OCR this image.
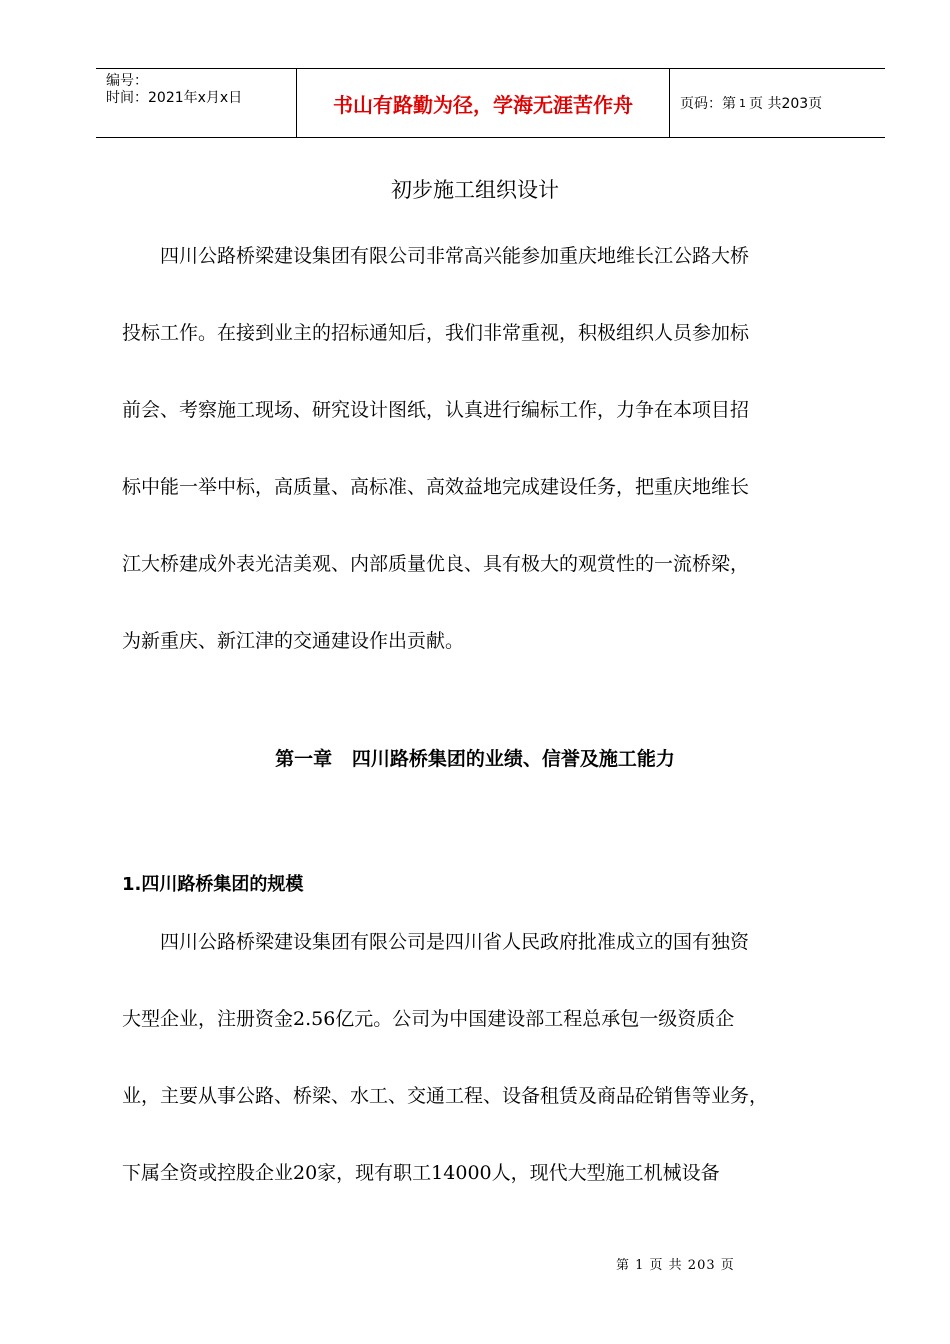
编号：
时间：2021年x月x日	书山有路勤为径，学海无涯苦作舟	页码：第 1 页 共203页
初步施工组织设计
四川公路桥梁建设集团有限公司非常高兴能参加重庆地维长江公路大桥
投标工作。在接到业主的招标通知后，我们非常重视，积极组织人员参加标
前会、考察施工现场、研究设计图纸，认真进行编标工作，力争在本项目招
标中能一举中标，高质量、高标准、高效益地完成建设任务，把重庆地维长
江大桥建成外表光洁美观、内部质量优良、具有极大的观赏性的一流桥梁，
为新重庆、新江津的交通建设作出贡献。
第一章   四川路桥集团的业绩、信誉及施工能力
1.四川路桥集团的规模
四川公路桥梁建设集团有限公司是四川省人民政府批准成立的国有独资
大型企业，注册资金2.56亿元。公司为中国建设部工程总承包一级资质企
业，主要从事公路、桥梁、水工、交通工程、设备租赁及商品砼销售等业务，
下属全资或控股企业20家，现有职工14000人，现代大型施工机械设备
第 1 页 共 203 页
